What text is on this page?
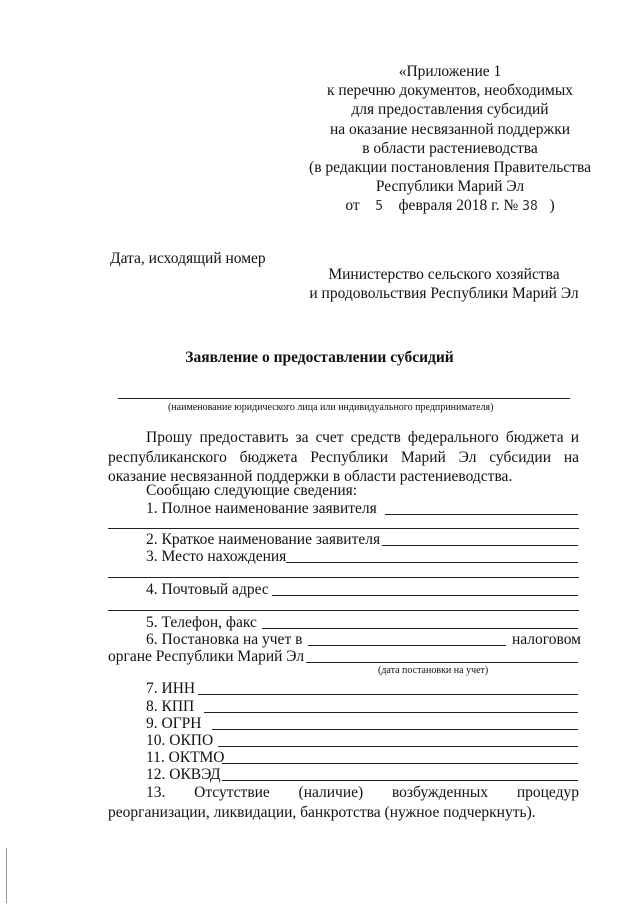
«Приложение 1
к перечню документов, необходимых
для предоставления субсидий
на оказание несвязанной поддержки
в области растениеводства
(в редакции постановления Правительства
Республики Марий Эл
от 5 февраля 2018 г. № 38 )
Дата, исходящий номер
Министерство сельского хозяйства
и продовольствия Республики Марий Эл
Заявление о предоставлении субсидий
(наименование юридического лица или индивидуального предпринимателя)
Прошу предоставить за счет средств федерального бюджета и республиканского бюджета Республики Марий Эл субсидии на оказание несвязанной поддержки в области растениеводства.
Сообщаю следующие сведения:
1. Полное наименование заявителя
2. Краткое наименование заявителя
3. Место нахождения
4. Почтовый адрес
5. Телефон, факс
6. Постановка на учет в	налоговом
органе Республики Марий Эл
(дата постановки на учет)
7. ИНН
8. КПП
9. ОГРН
10. ОКПО
11. ОКТМО
12. ОКВЭД
13. Отсутствие (наличие) возбужденных процедур реорганизации, ликвидации, банкротства (нужное подчеркнуть).
